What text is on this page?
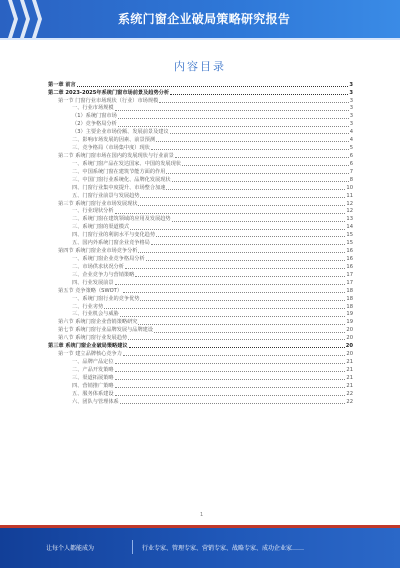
系统门窗企业破局策略研究报告
内容目录
第一章 前言	3
第二章 2023-2025年系统门窗市场前景及趋势分析	3
第一节 门窗行业市场现状（行业）市场规模	3
一、行业市场规模	3
（1）系统门窗市场	3
（2）竞争格局分析	3
（3）主要企业市场份额、发展前景及建议	4
二、影响市场发展的因素、前景预测	4
三、竞争格局（市场集中度）现状	5
第二节 系统门窗市场在国内的发展现状与行业前景	6
一、系统门窗产品在发达国家、中国的发展现状	6
二、中国系统门窗在建筑节能方面的作用	7
三、中国门窗行业系统化、品牌化发展现状	8
四、门窗行业集中度提升、市场整合加速	10
五、门窗行业前景与发展趋势	11
第三节 系统门窗行业市场发展现状	12
一、行业现状分析	12
二、系统门窗在建筑领域的应用及发展趋势	13
三、系统门窗的渠道模式	14
四、门窗行业的利润水平与变化趋势	15
五、国内外系统门窗企业竞争格局	15
第四节 系统门窗企业市场竞争分析	16
一、系统门窗企业竞争格局分析	16
二、市场供求状况分析	16
三、企业竞争力与营销策略	17
四、行业发展前景	17
第五节 竞争策略（SWOT）	18
一、系统门窗行业的竞争优势	18
二、行业劣势	18
三、行业机会与威胁	19
第六节 系统门窗企业营销策略研究	19
第七节 系统门窗行业品牌发展与品牌建设	20
第八节 系统门窗行业发展趋势	20
第三章 系统门窗企业破局策略建议	20
第一节 建立品牌核心竞争力	20
一、品牌产品定位	21
二、产品开发策略	21
三、渠道拓展策略	21
四、营销推广策略	21
五、服务体系建设	22
六、团队与管理体系	22
1
让每个人都能成为	行业专家、管理专家、营销专家、战略专家、成功企业家……
